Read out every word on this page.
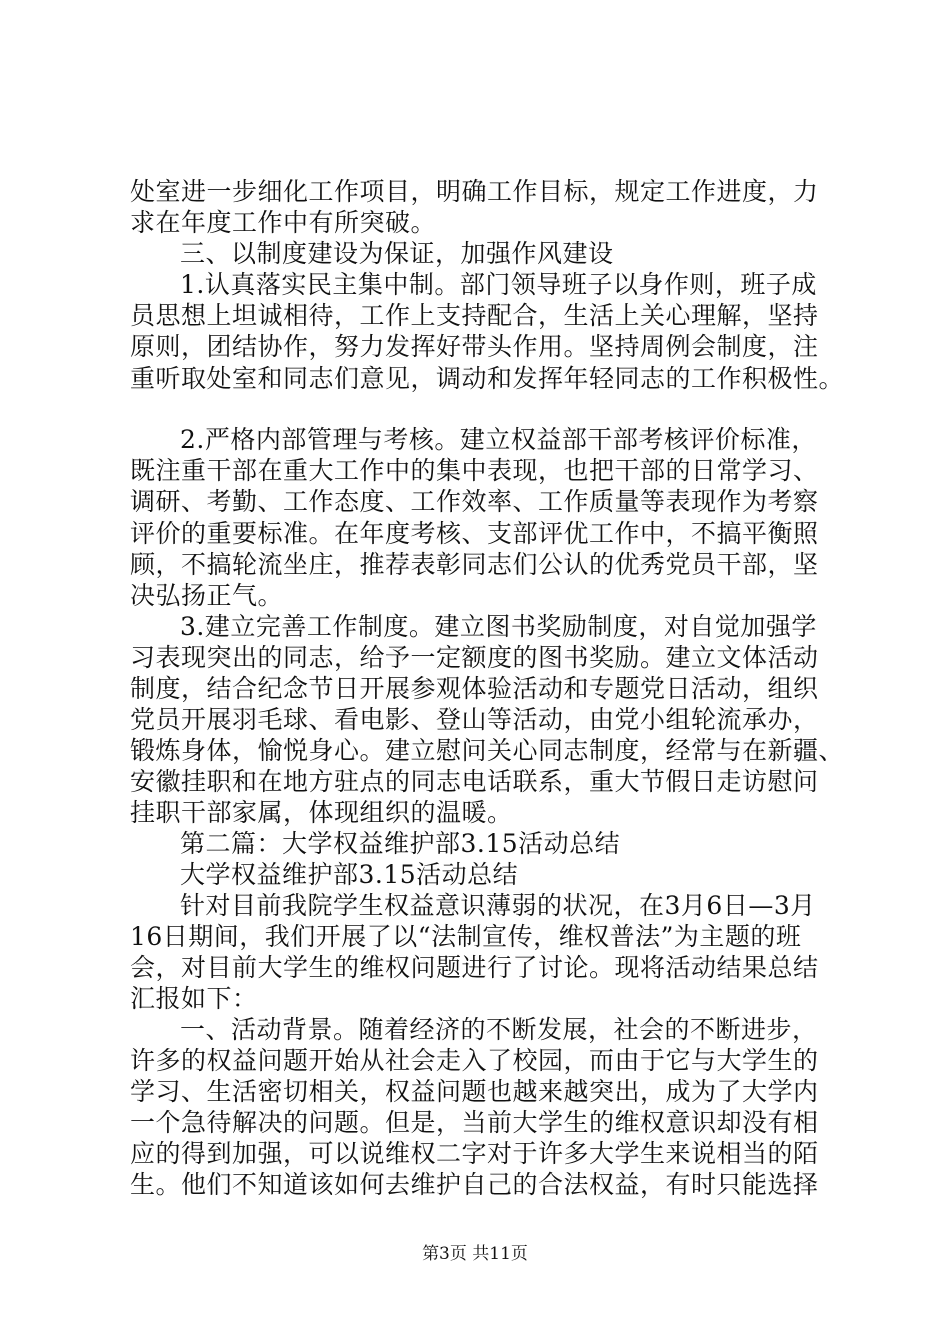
处室进一步细化工作项目，明确工作目标，规定工作进度，力
求在年度工作中有所突破。
三、以制度建设为保证，加强作风建设
1.认真落实民主集中制。部门领导班子以身作则，班子成
员思想上坦诚相待，工作上支持配合，生活上关心理解，坚持
原则，团结协作，努力发挥好带头作用。坚持周例会制度，注
重听取处室和同志们意见，调动和发挥年轻同志的工作积极性。
2.严格内部管理与考核。建立权益部干部考核评价标准，
既注重干部在重大工作中的集中表现，也把干部的日常学习、
调研、考勤、工作态度、工作效率、工作质量等表现作为考察
评价的重要标准。在年度考核、支部评优工作中，不搞平衡照
顾，不搞轮流坐庄，推荐表彰同志们公认的优秀党员干部，坚
决弘扬正气。
3.建立完善工作制度。建立图书奖励制度，对自觉加强学
习表现突出的同志，给予一定额度的图书奖励。建立文体活动
制度，结合纪念节日开展参观体验活动和专题党日活动，组织
党员开展羽毛球、看电影、登山等活动，由党小组轮流承办，
锻炼身体，愉悦身心。建立慰问关心同志制度，经常与在新疆、
安徽挂职和在地方驻点的同志电话联系，重大节假日走访慰问
挂职干部家属，体现组织的温暖。
第二篇：大学权益维护部3.15活动总结
大学权益维护部3.15活动总结
针对目前我院学生权益意识薄弱的状况，在3月6日—3月
16日期间，我们开展了以“法制宣传，维权普法”为主题的班
会，对目前大学生的维权问题进行了讨论。现将活动结果总结
汇报如下：
一、活动背景。随着经济的不断发展，社会的不断进步，
许多的权益问题开始从社会走入了校园，而由于它与大学生的
学习、生活密切相关，权益问题也越来越突出，成为了大学内
一个急待解决的问题。但是，当前大学生的维权意识却没有相
应的得到加强，可以说维权二字对于许多大学生来说相当的陌
生。他们不知道该如何去维护自己的合法权益，有时只能选择
第3页 共11页
